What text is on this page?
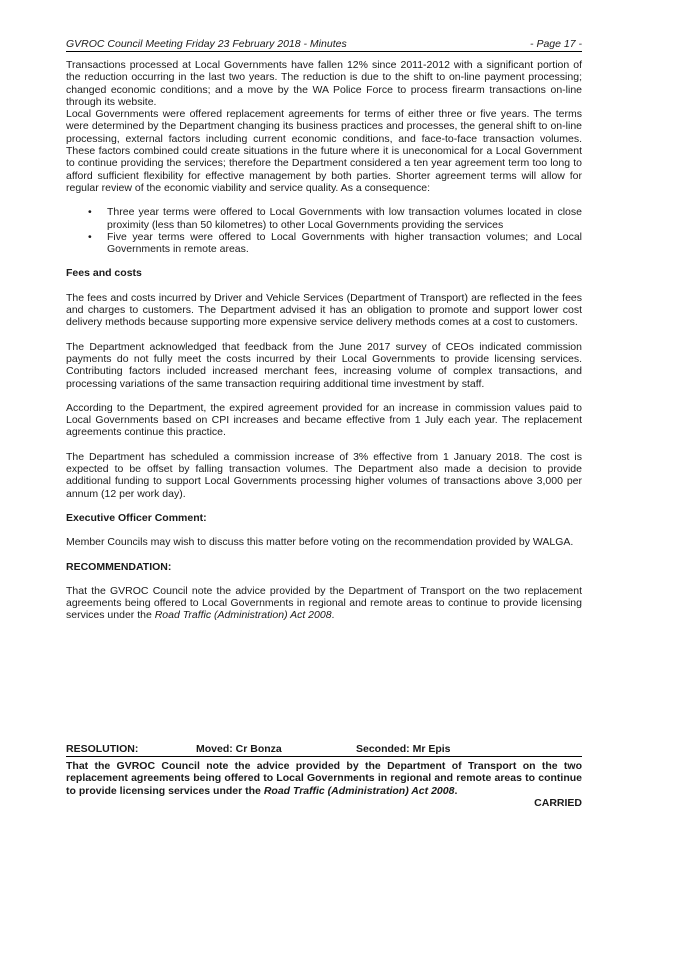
GVROC Council Meeting Friday 23 February 2018 - Minutes	- Page 17 -

Transactions processed at Local Governments have fallen 12% since 2011-2012 with a significant portion of the reduction occurring in the last two years. The reduction is due to the shift to on-line payment processing; changed economic conditions; and a move by the WA Police Force to process firearm transactions on-line through its website.

Local Governments were offered replacement agreements for terms of either three or five years. The terms were determined by the Department changing its business practices and processes, the general shift to on-line processing, external factors including current economic conditions, and face-to-face transaction volumes. These factors combined could create situations in the future where it is uneconomical for a Local Government to continue providing the services; therefore the Department considered a ten year agreement term too long to afford sufficient flexibility for effective management by both parties. Shorter agreement terms will allow for regular review of the economic viability and service quality. As a consequence:

• Three year terms were offered to Local Governments with low transaction volumes located in close proximity (less than 50 kilometres) to other Local Governments providing the services
• Five year terms were offered to Local Governments with higher transaction volumes; and Local Governments in remote areas.
Fees and costs

The fees and costs incurred by Driver and Vehicle Services (Department of Transport) are reflected in the fees and charges to customers. The Department advised it has an obligation to promote and support lower cost delivery methods because supporting more expensive service delivery methods comes at a cost to customers.

The Department acknowledged that feedback from the June 2017 survey of CEOs indicated commission payments do not fully meet the costs incurred by their Local Governments to provide licensing services. Contributing factors included increased merchant fees, increasing volume of complex transactions, and processing variations of the same transaction requiring additional time investment by staff.

According to the Department, the expired agreement provided for an increase in commission values paid to Local Governments based on CPI increases and became effective from 1 July each year. The replacement agreements continue this practice.

The Department has scheduled a commission increase of 3% effective from 1 January 2018. The cost is expected to be offset by falling transaction volumes. The Department also made a decision to provide additional funding to support Local Governments processing higher volumes of transactions above 3,000 per annum (12 per work day).

Executive Officer Comment:

Member Councils may wish to discuss this matter before voting on the recommendation provided by WALGA.

RECOMMENDATION:

That the GVROC Council note the advice provided by the Department of Transport on the two replacement agreements being offered to Local Governments in regional and remote areas to continue to provide licensing services under the Road Traffic (Administration) Act 2008.

RESOLUTION:	Moved: Cr Bonza	Seconded: Mr Epis

That the GVROC Council note the advice provided by the Department of Transport on the two replacement agreements being offered to Local Governments in regional and remote areas to continue to provide licensing services under the Road Traffic (Administration) Act 2008.

CARRIED
